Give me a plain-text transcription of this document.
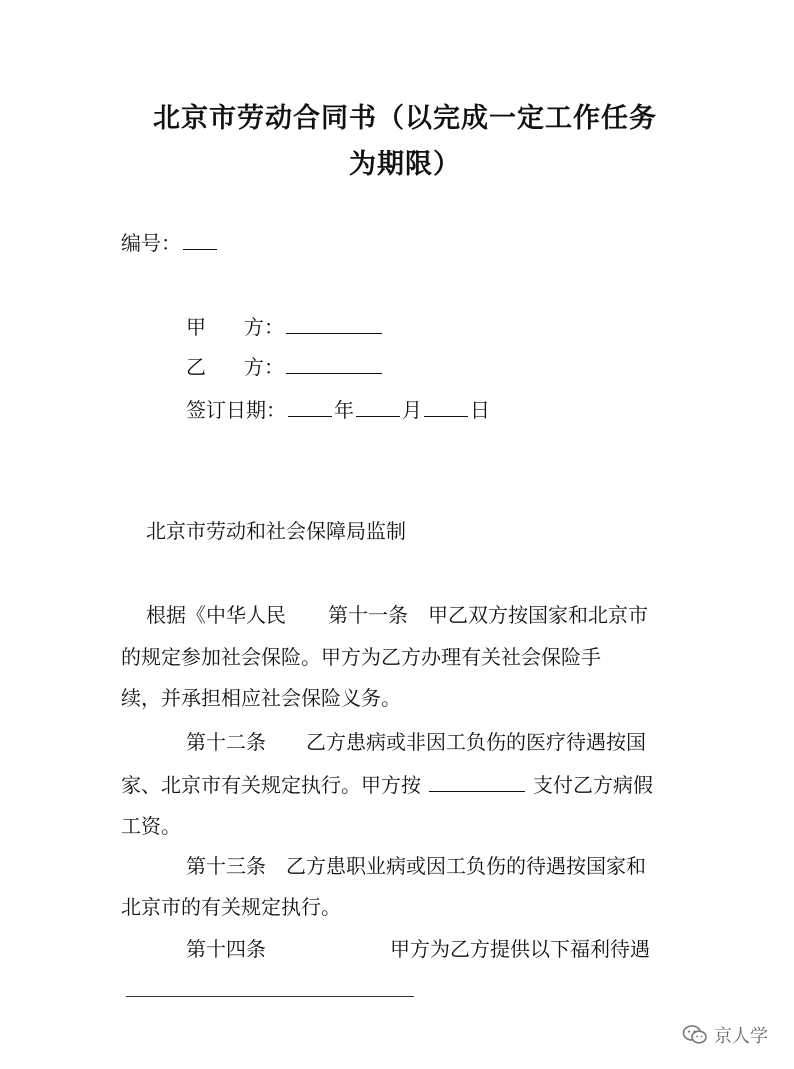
北京市劳动合同书（以完成一定工作任务
为期限）
编号：
甲 方：
乙 方：
签订日期： 年 月 日
北京市劳动和社会保障局监制
根据《中华人民 第十一条 甲乙双方按国家和北京市
的规定参加社会保险。甲方为乙方办理有关社会保险手
续，并承担相应社会保险义务。
第十二条 乙方患病或非因工负伤的医疗待遇按国
家、北京市有关规定执行。甲方按	支付乙方病假
工资。
第十三条 乙方患职业病或因工负伤的待遇按国家和
北京市的有关规定执行。
第十四条	甲方为乙方提供以下福利待遇
京人学
